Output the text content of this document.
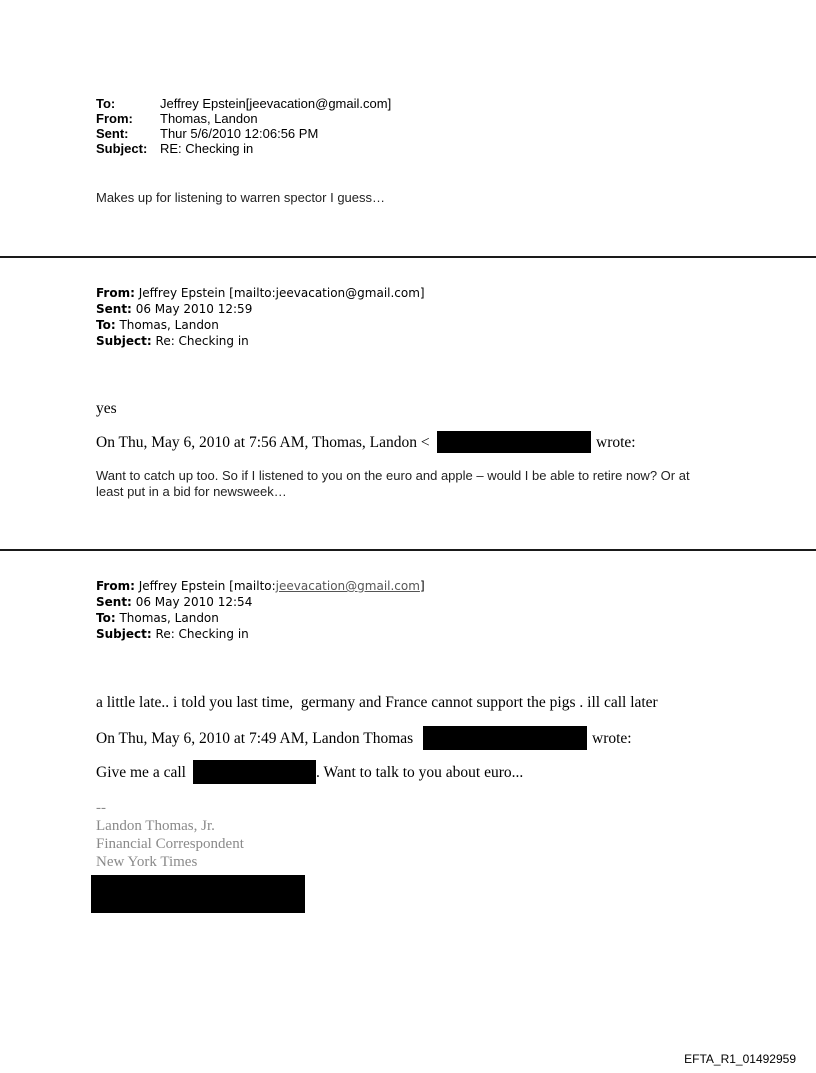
To:	Jeffrey Epstein[jeevacation@gmail.com]
From: Thomas, Landon
Sent: Thur 5/6/2010 12:06:56 PM
Subject: RE: Checking in
Makes up for listening to warren spector I guess…
From: Jeffrey Epstein [mailto:jeevacation@gmail.com]
Sent: 06 May 2010 12:59
To: Thomas, Landon
Subject: Re: Checking in
yes
On Thu, May 6, 2010 at 7:56 AM, Thomas, Landon <	wrote:
Want to catch up too. So if I listened to you on the euro and apple – would I be able to retire now? Or at
least put in a bid for newsweek…
From: Jeffrey Epstein [mailto:jeevacation@gmail.com]
Sent: 06 May 2010 12:54
To: Thomas, Landon
Subject: Re: Checking in
a little late.. i told you last time,  germany and France cannot support the pigs . ill call later
On Thu, May 6, 2010 at 7:49 AM, Landon Thomas	wrote:
Give me a call	. Want to talk to you about euro...
--
Landon Thomas, Jr.
Financial Correspondent
New York Times
EFTA_R1_01492959
